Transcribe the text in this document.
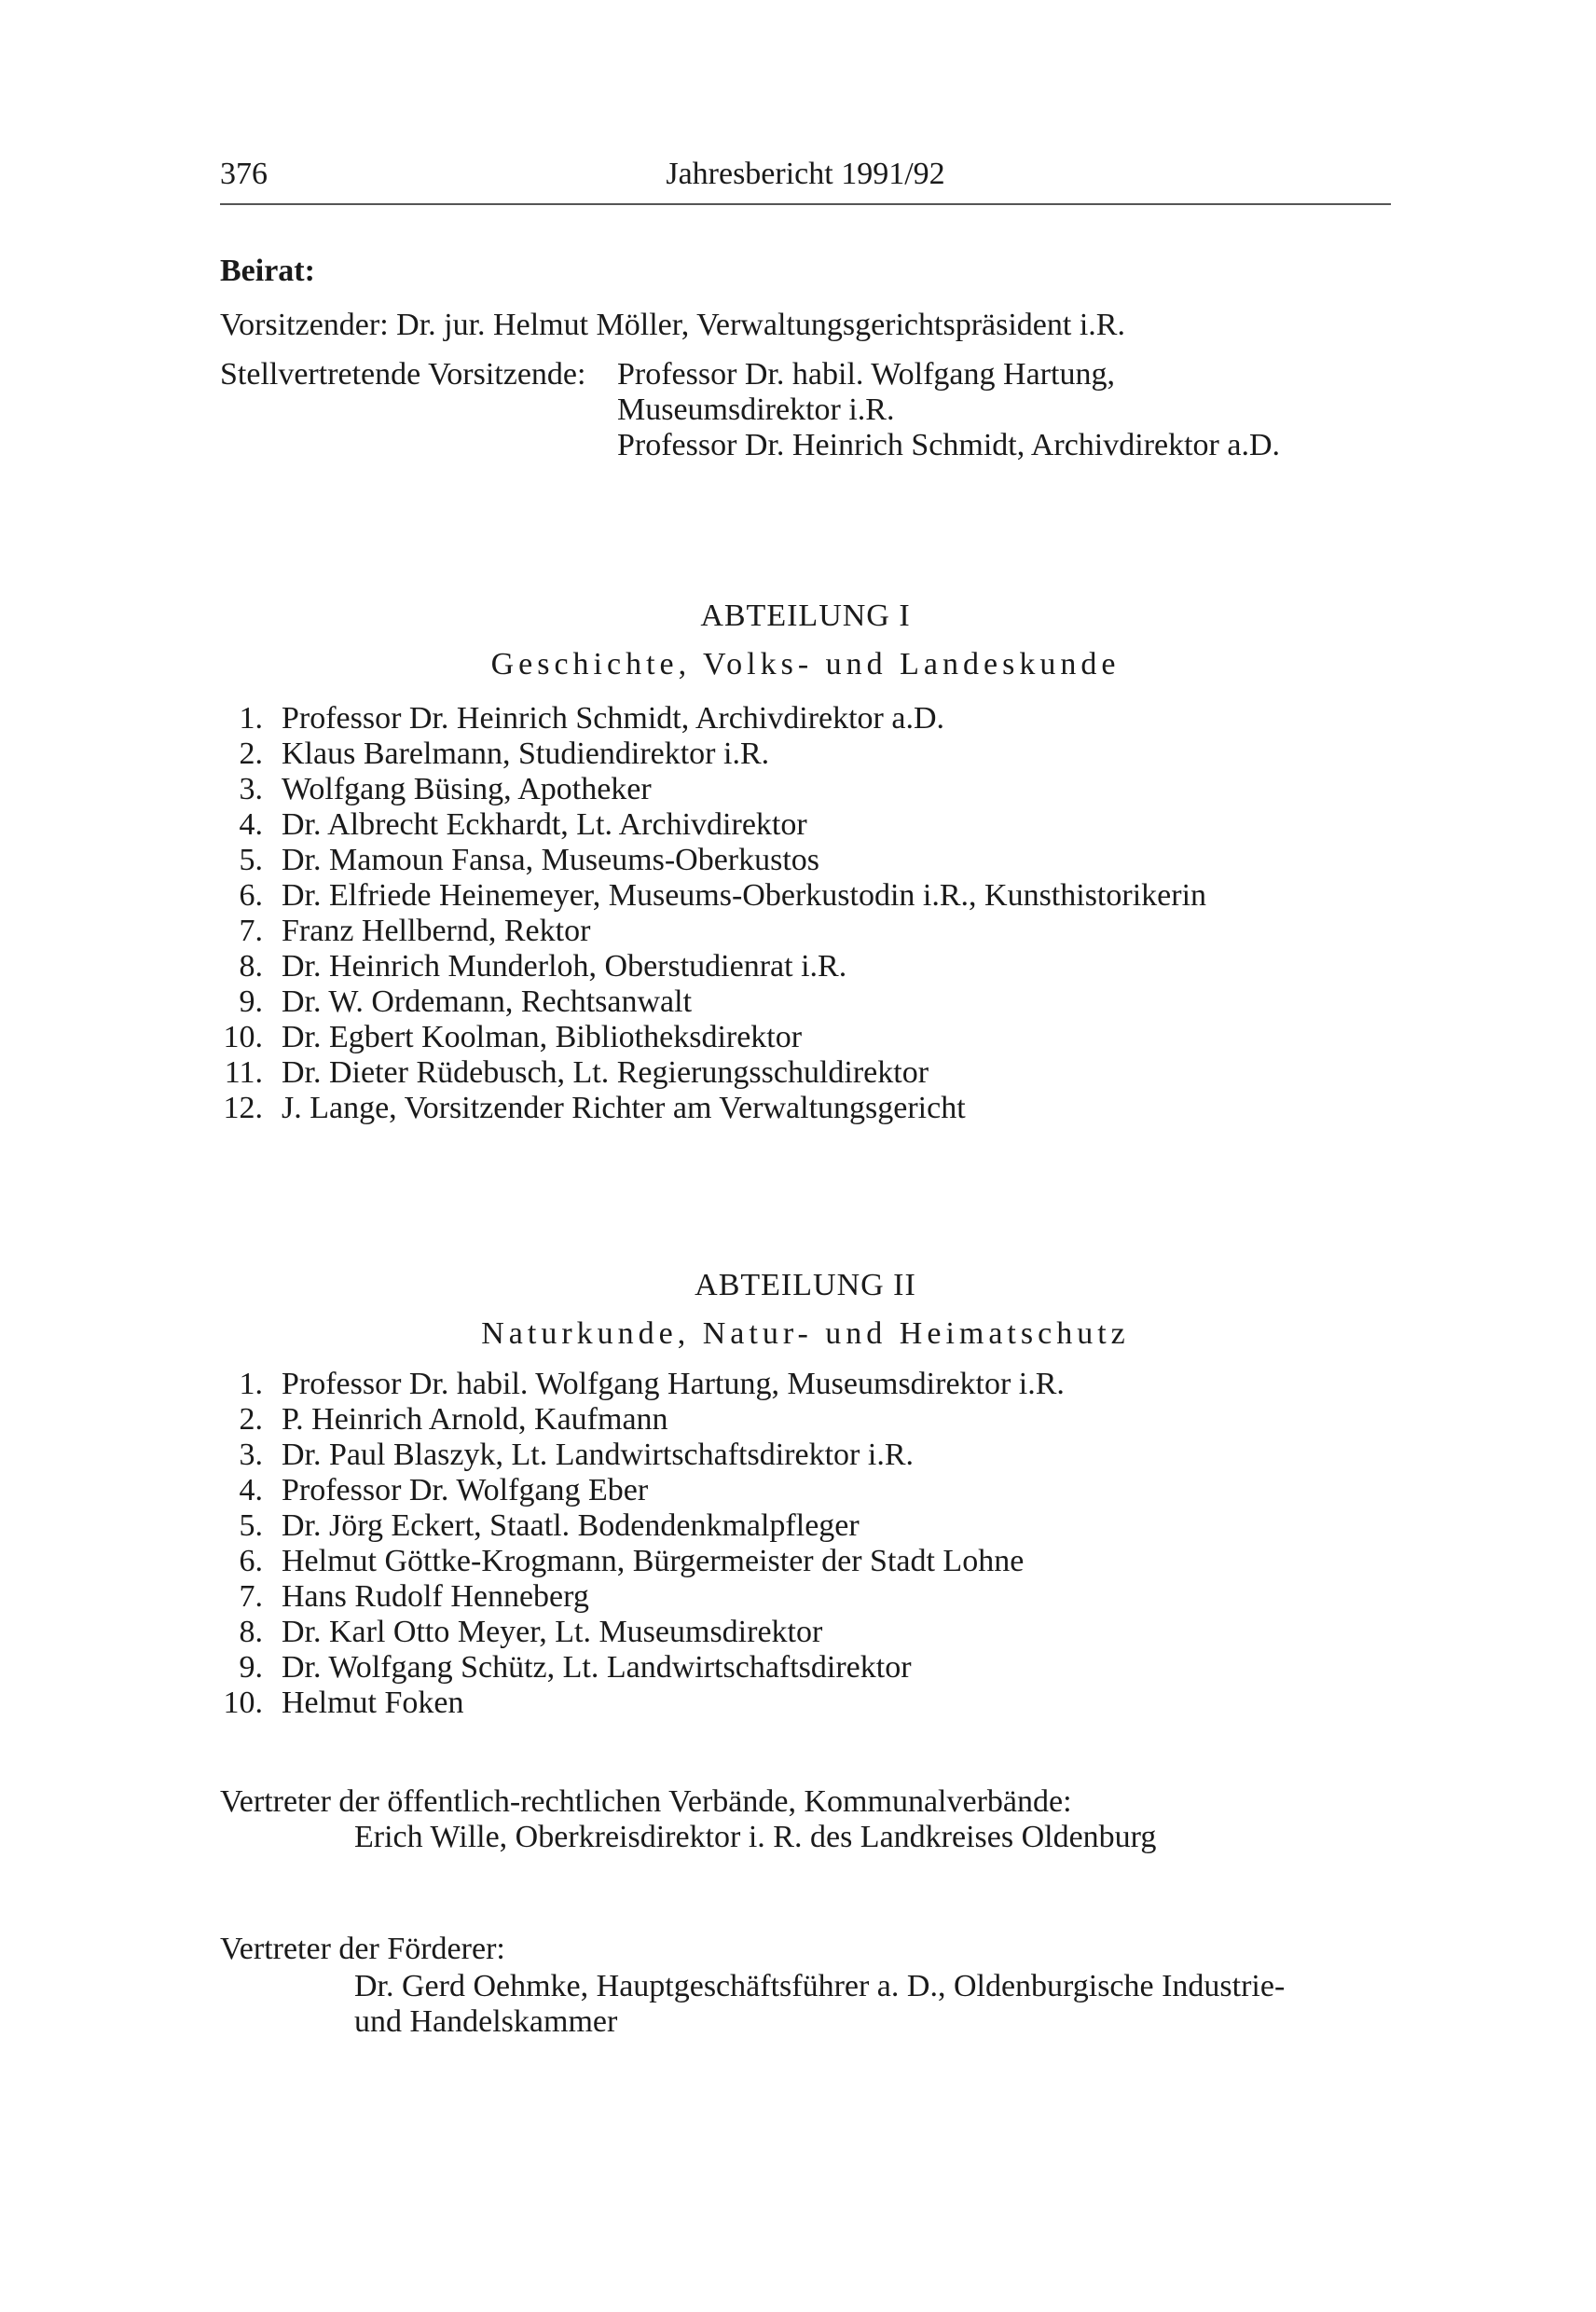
376	Jahresbericht 1991/92
Beirat:
Vorsitzender: Dr. jur. Helmut Möller, Verwaltungsgerichtspräsident i.R.
Stellvertretende Vorsitzende: Professor Dr. habil. Wolfgang Hartung,
Museumsdirektor i.R.
Professor Dr. Heinrich Schmidt, Archivdirektor a.D.
ABTEILUNG I
Geschichte, Volks- und Landeskunde
1. Professor Dr. Heinrich Schmidt, Archivdirektor a.D.
2. Klaus Barelmann, Studiendirektor i.R.
3. Wolfgang Büsing, Apotheker
4. Dr. Albrecht Eckhardt, Lt. Archivdirektor
5. Dr. Mamoun Fansa, Museums-Oberkustos
6. Dr. Elfriede Heinemeyer, Museums-Oberkustodin i.R., Kunsthistorikerin
7. Franz Hellbernd, Rektor
8. Dr. Heinrich Munderloh, Oberstudienrat i.R.
9. Dr. W. Ordemann, Rechtsanwalt
10. Dr. Egbert Koolman, Bibliotheksdirektor
11. Dr. Dieter Rüdebusch, Lt. Regierungsschuldirektor
12. J. Lange, Vorsitzender Richter am Verwaltungsgericht
ABTEILUNG II
Naturkunde, Natur- und Heimatschutz
1. Professor Dr. habil. Wolfgang Hartung, Museumsdirektor i.R.
2. P. Heinrich Arnold, Kaufmann
3. Dr. Paul Blaszyk, Lt. Landwirtschaftsdirektor i.R.
4. Professor Dr. Wolfgang Eber
5. Dr. Jörg Eckert, Staatl. Bodendenkmalpfleger
6. Helmut Göttke-Krogmann, Bürgermeister der Stadt Lohne
7. Hans Rudolf Henneberg
8. Dr. Karl Otto Meyer, Lt. Museumsdirektor
9. Dr. Wolfgang Schütz, Lt. Landwirtschaftsdirektor
10. Helmut Foken
Vertreter der öffentlich-rechtlichen Verbände, Kommunalverbände:
Erich Wille, Oberkreisdirektor i. R. des Landkreises Oldenburg
Vertreter der Förderer:
Dr. Gerd Oehmke, Hauptgeschäftsführer a. D., Oldenburgische Industrie-
und Handelskammer
